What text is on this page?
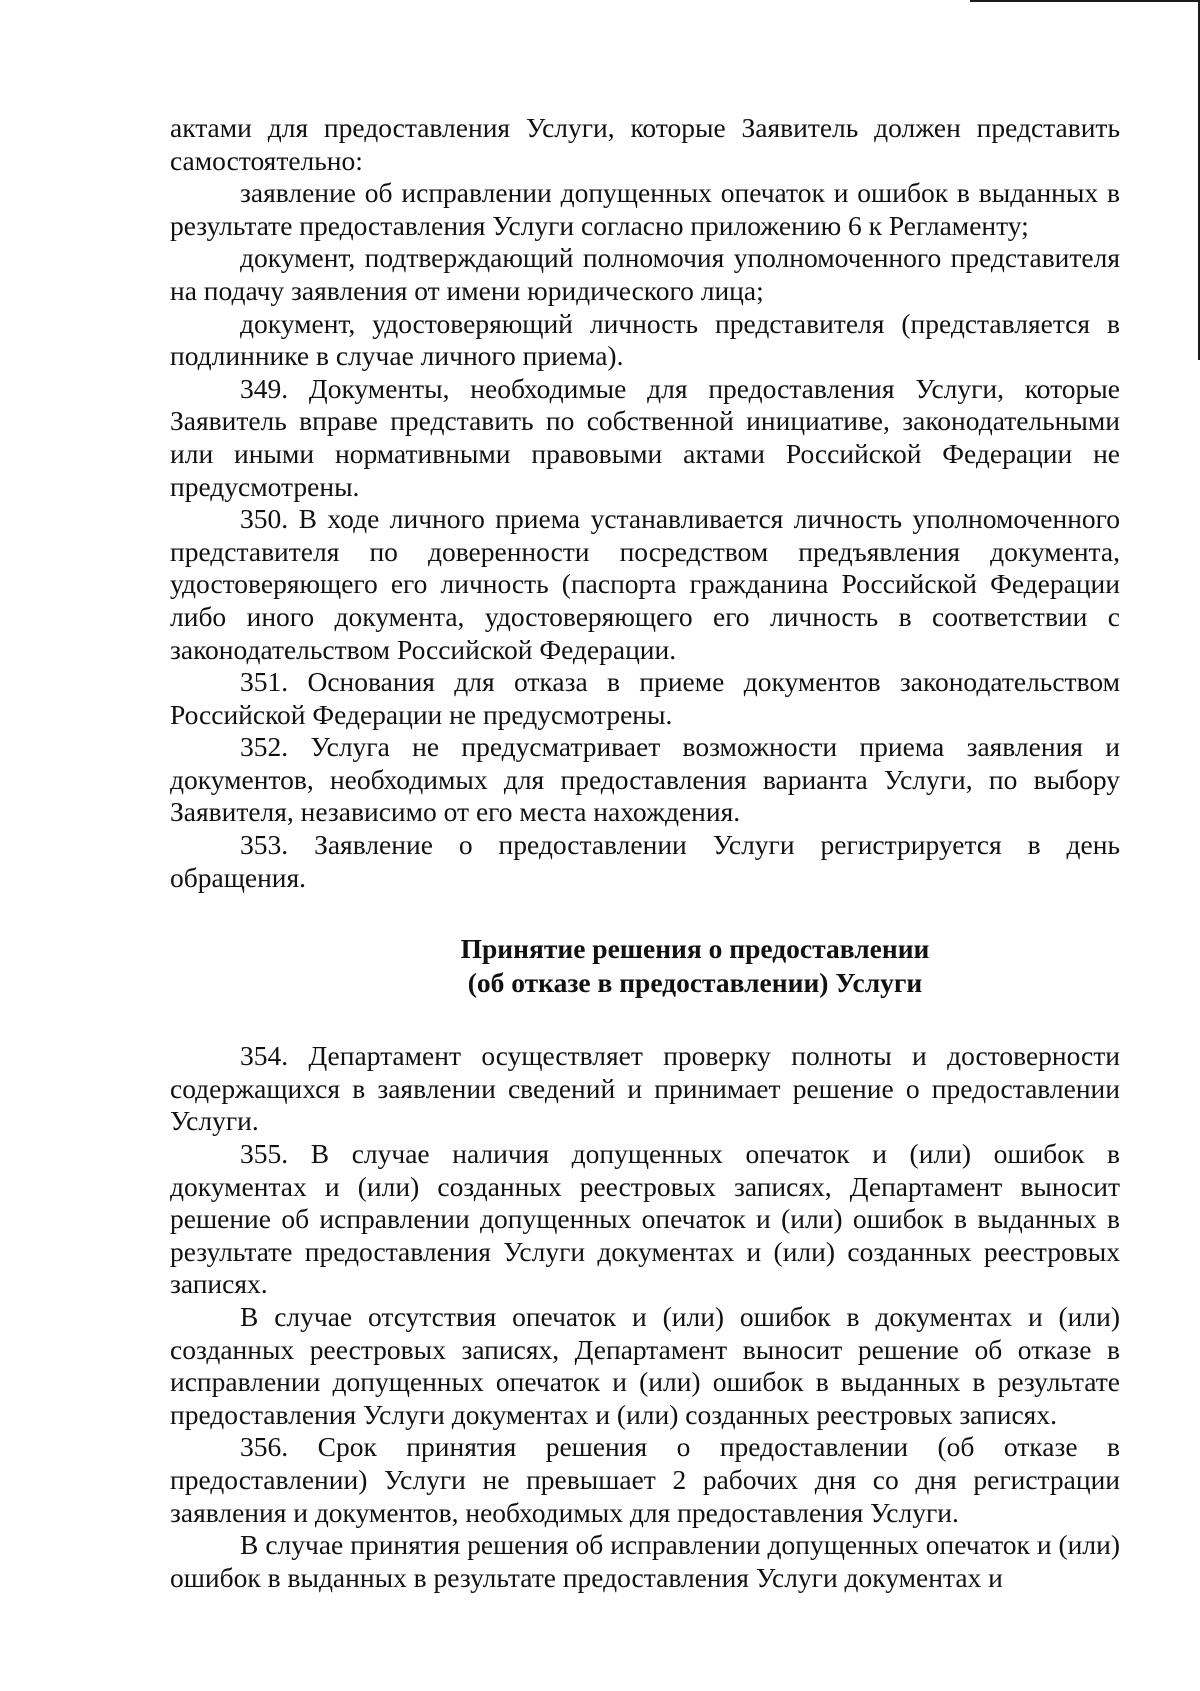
актами для предоставления Услуги, которые Заявитель должен представить самостоятельно:

заявление об исправлении допущенных опечаток и ошибок в выданных в результате предоставления Услуги согласно приложению 6 к Регламенту;

документ, подтверждающий полномочия уполномоченного представителя на подачу заявления от имени юридического лица;

документ, удостоверяющий личность представителя (представляется в подлиннике в случае личного приема).

349. Документы, необходимые для предоставления Услуги, которые Заявитель вправе представить по собственной инициативе, законодательными или иными нормативными правовыми актами Российской Федерации не предусмотрены.

350. В ходе личного приема устанавливается личность уполномоченного представителя по доверенности посредством предъявления документа, удостоверяющего его личность (паспорта гражданина Российской Федерации либо иного документа, удостоверяющего его личность в соответствии с законодательством Российской Федерации.

351. Основания для отказа в приеме документов законодательством Российской Федерации не предусмотрены.

352. Услуга не предусматривает возможности приема заявления и документов, необходимых для предоставления варианта Услуги, по выбору Заявителя, независимо от его места нахождения.

353. Заявление о предоставлении Услуги регистрируется в день обращения.

Принятие решения о предоставлении
(об отказе в предоставлении) Услуги

354. Департамент осуществляет проверку полноты и достоверности содержащихся в заявлении сведений и принимает решение о предоставлении Услуги.

355. В случае наличия допущенных опечаток и (или) ошибок в документах и (или) созданных реестровых записях, Департамент выносит решение об исправлении допущенных опечаток и (или) ошибок в выданных в результате предоставления Услуги документах и (или) созданных реестровых записях.

В случае отсутствия опечаток и (или) ошибок в документах и (или) созданных реестровых записях, Департамент выносит решение об отказе в исправлении допущенных опечаток и (или) ошибок в выданных в результате предоставления Услуги документах и (или) созданных реестровых записях.

356. Срок принятия решения о предоставлении (об отказе в предоставлении) Услуги не превышает 2 рабочих дня со дня регистрации заявления и документов, необходимых для предоставления Услуги.

В случае принятия решения об исправлении допущенных опечаток и (или) ошибок в выданных в результате предоставления Услуги документах и
